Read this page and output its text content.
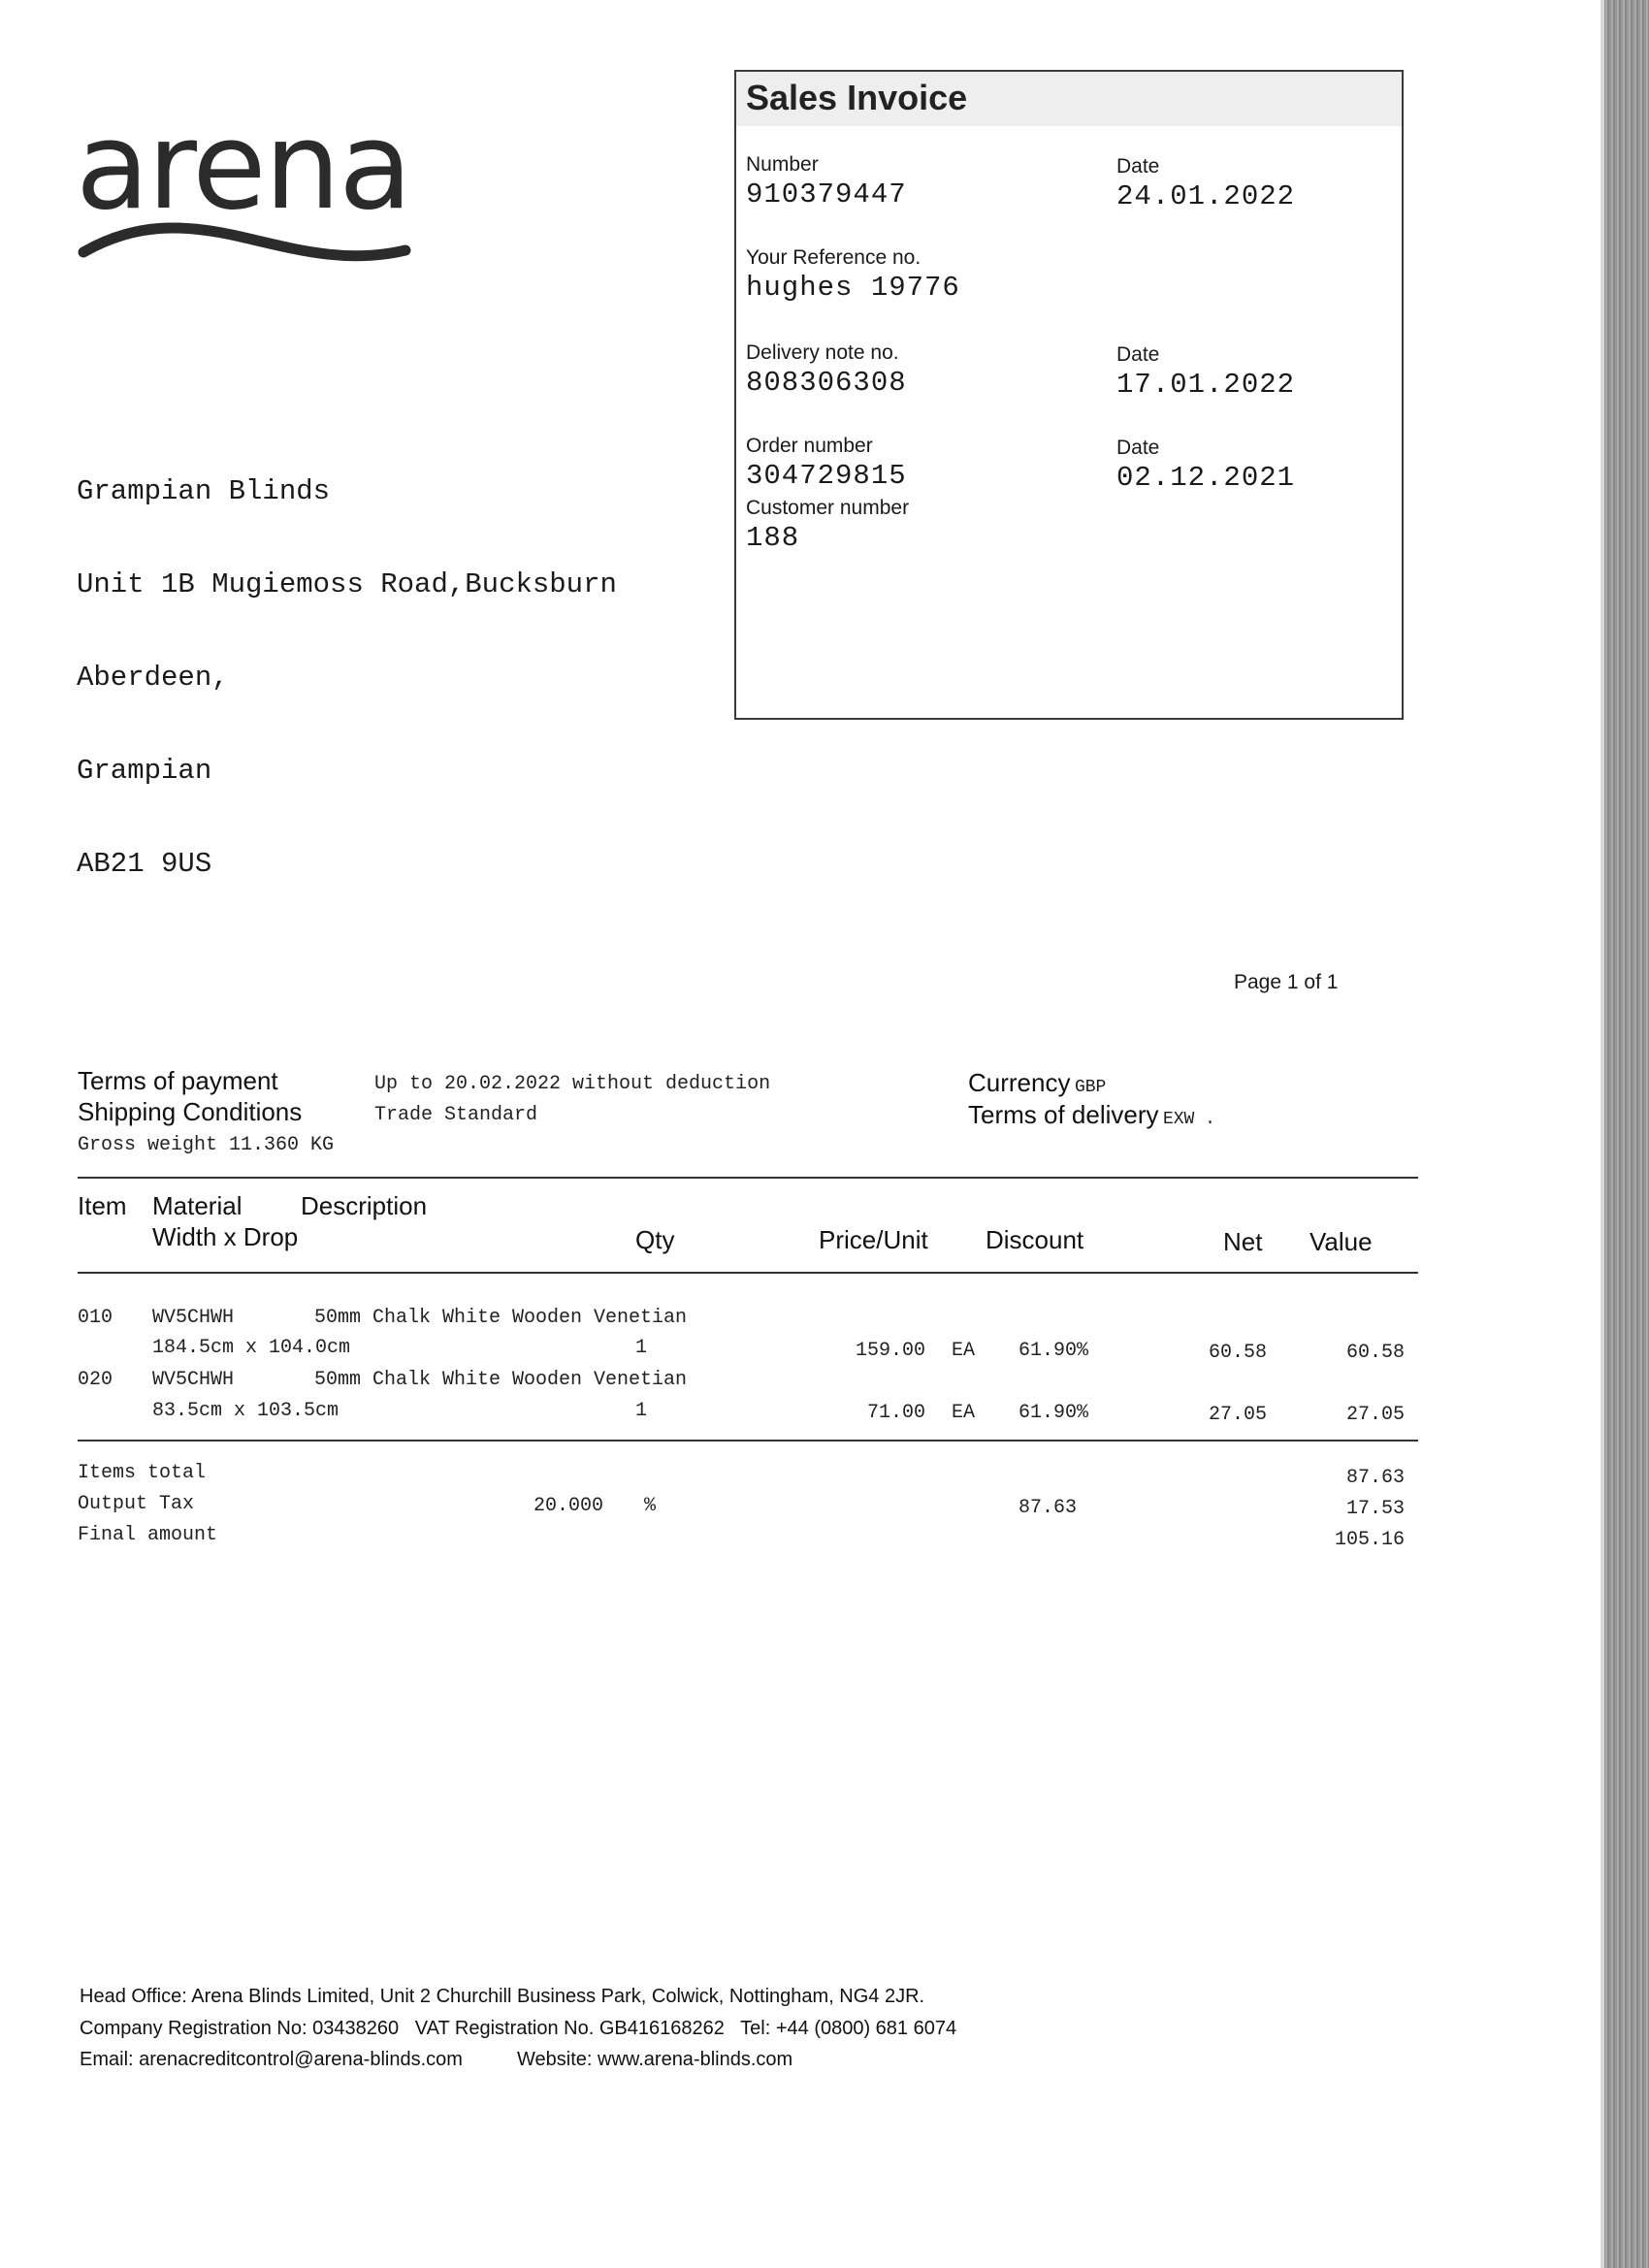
arena	Sales Invoice
Number
910379447
Date
24.01.2022
Your Reference no.
hughes 19776
Delivery note no.
808306308
Date
17.01.2022
Order number
304729815
Date
02.12.2021
Customer number
188

Grampian Blinds

Unit 1B Mugiemoss Road,Bucksburn

Aberdeen,

Grampian

AB21 9US

Page 1 of 1
Terms of payment	Up to 20.02.2022 without deduction
Shipping Conditions	Trade Standard
Gross weight 11.360 KG
Currency GBP
Terms of delivery EXW .
Item Material Description
Width x Drop	Qty	Price/Unit Discount	Net Value
010 WV5CHWH	50mm Chalk White Wooden Venetian
184.5cm x 104.0cm	1	159.00 EA 61.90%	60.58	60.58
020 WV5CHWH	50mm Chalk White Wooden Venetian
83.5cm x 103.5cm	1	71.00 EA 61.90%	27.05	27.05
Items total	87.63
Output Tax	20.000 %	87.63	17.53
Final amount	105.16
Head Office: Arena Blinds Limited, Unit 2 Churchill Business Park, Colwick, Nottingham, NG4 2JR.
Company Registration No: 03438260   VAT Registration No. GB416168262   Tel: +44 (0800) 681 6074
Email: arenacreditcontrol@arena-blinds.com	Website: www.arena-blinds.com
